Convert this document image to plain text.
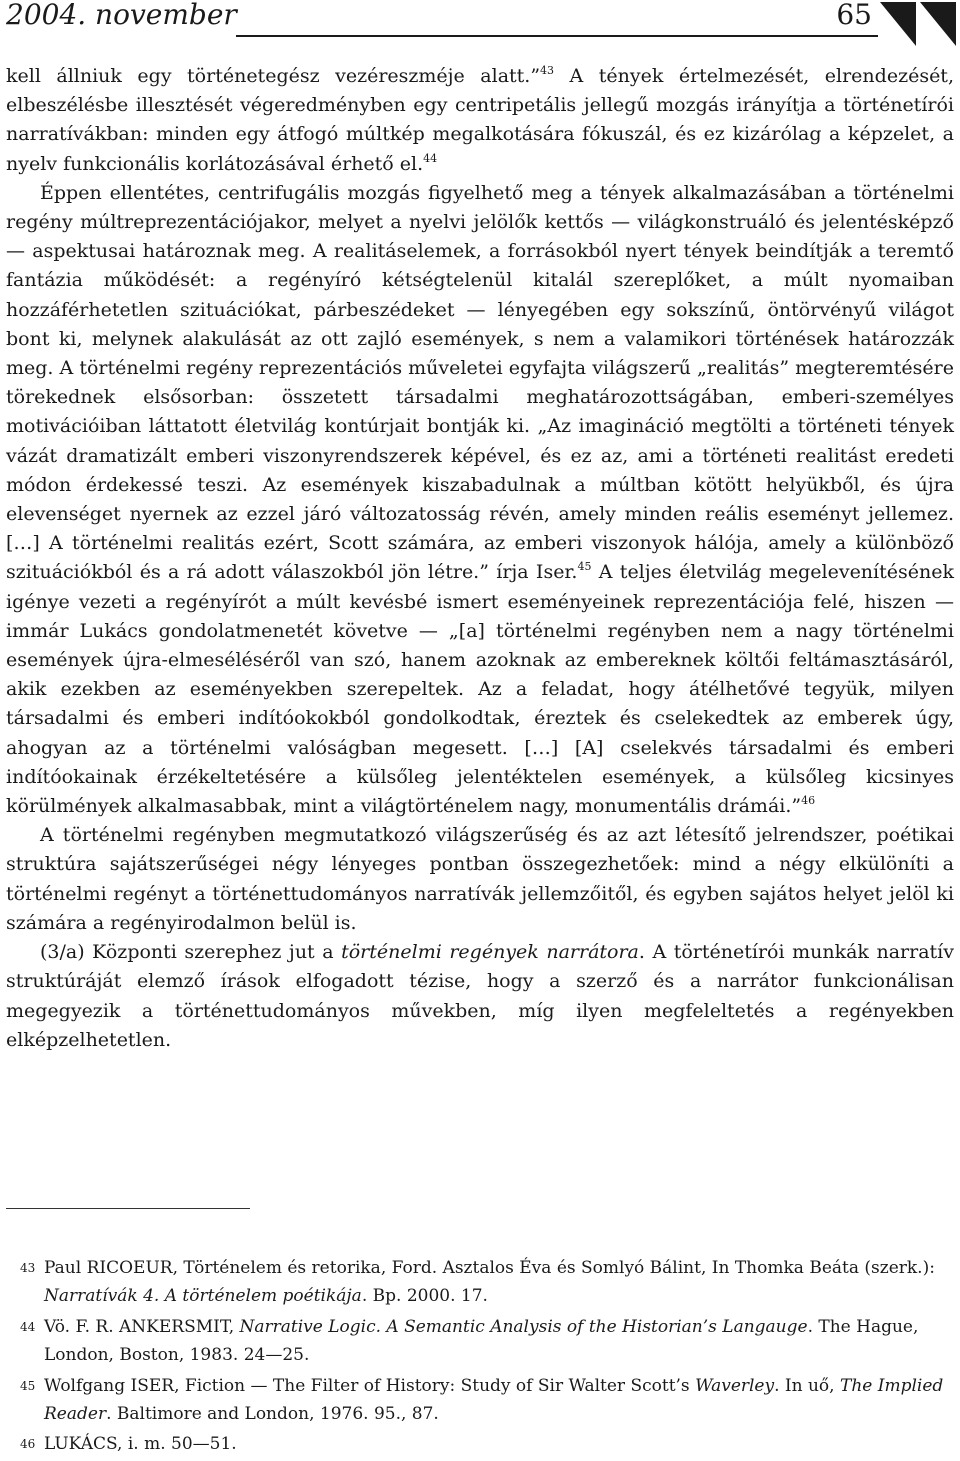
2004. november	65

kell állniuk egy történetegész vezéreszméje alatt.”$^{43}$ A tények értelmezését, elrendezését, elbeszélésbe illesztését végeredményben egy centripetális jellegű mozgás irányítja a történetírói narratívákban: minden egy átfogó múltkép megalkotására fókuszál, és ez kizárólag a képzelet, a nyelv funkcionális korlátozásával érhető el.$^{44}$

Éppen ellentétes, centrifugális mozgás figyelhető meg a tények alkalmazásában a történelmi regény múltreprezentációjakor, melyet a nyelvi jelölők kettős — világkonstruáló és jelentésképző — aspektusai határoznak meg. A realitáselemek, a forrásokból nyert tények beindítják a teremtő fantázia működését: a regényíró kétségtelenül kitalál szereplőket, a múlt nyomaiban hozzáférhetetlen szituációkat, párbeszédeket — lényegében egy sokszínű, öntörvényű világot bont ki, melynek alakulását az ott zajló események, s nem a valamikori történések határozzák meg. A történelmi regény reprezentációs műveletei egyfajta világszerű „realitás” megteremtésére törekednek elsősorban: összetett társadalmi meghatározottságában, emberi-személyes motivációiban láttatott életvilág kontúrjait bontják ki. „Az imagináció megtölti a történeti tények vázát dramatizált emberi viszonyrendszerek képével, és ez az, ami a történeti realitást eredeti módon érdekessé teszi. Az események kiszabadulnak a múltban kötött helyükből, és újra elevenséget nyernek az ezzel járó változatosság révén, amely minden reális eseményt jellemez. […] A történelmi realitás ezért, Scott számára, az emberi viszonyok hálója, amely a különböző szituációkból és a rá adott válaszokból jön létre.” írja Iser.$^{45}$ A teljes életvilág megelevenítésének igénye vezeti a regényírót a múlt kevésbé ismert eseményeinek reprezentációja felé, hiszen — immár Lukács gondolatmenetét követve — „[a] történelmi regényben nem a nagy történelmi események újra-elmeséléséről van szó, hanem azoknak az embereknek költői feltámasztásáról, akik ezekben az eseményekben szerepeltek. Az a feladat, hogy átélhetővé tegyük, milyen társadalmi és emberi indítóokokból gondolkodtak, éreztek és cselekedtek az emberek úgy, ahogyan az a történelmi valóságban megesett. […] [A] cselekvés társadalmi és emberi indítóokainak érzékeltetésére a külsőleg jelentéktelen események, a külsőleg kicsinyes körülmények alkalmasabbak, mint a világtörténelem nagy, monumentális drámái.”$^{46}$

A történelmi regényben megmutatkozó világszerűség és az azt létesítő jelrendszer, poétikai struktúra sajátszerűségei négy lényeges pontban összegezhetőek: mind a négy elkülöníti a történelmi regényt a történettudományos narratívák jellemzőitől, és egyben sajátos helyet jelöl ki számára a regényirodalmon belül is.

(3/a) Központi szerephez jut a történelmi regények narrátora. A történetírói munkák narratív struktúráját elemző írások elfogadott tézise, hogy a szerző és a narrátor funkcionálisan megegyezik a történettudományos művekben, míg ilyen megfeleltetés a regényekben elképzelhetetlen.

43 Paul RICOEUR, Történelem és retorika, Ford. Asztalos Éva és Somlyó Bálint, In Thomka Beáta (szerk.): Narratívák 4. A történelem poétikája. Bp. 2000. 17.
44 Vö. F. R. ANKERSMIT, Narrative Logic. A Semantic Analysis of the Historian’s Langauge. The Hague, London, Boston, 1983. 24—25.
45 Wolfgang ISER, Fiction — The Filter of History: Study of Sir Walter Scott’s Waverley. In uő, The Implied Reader. Baltimore and London, 1976. 95., 87.
46 LUKÁCS, i. m. 50—51.
